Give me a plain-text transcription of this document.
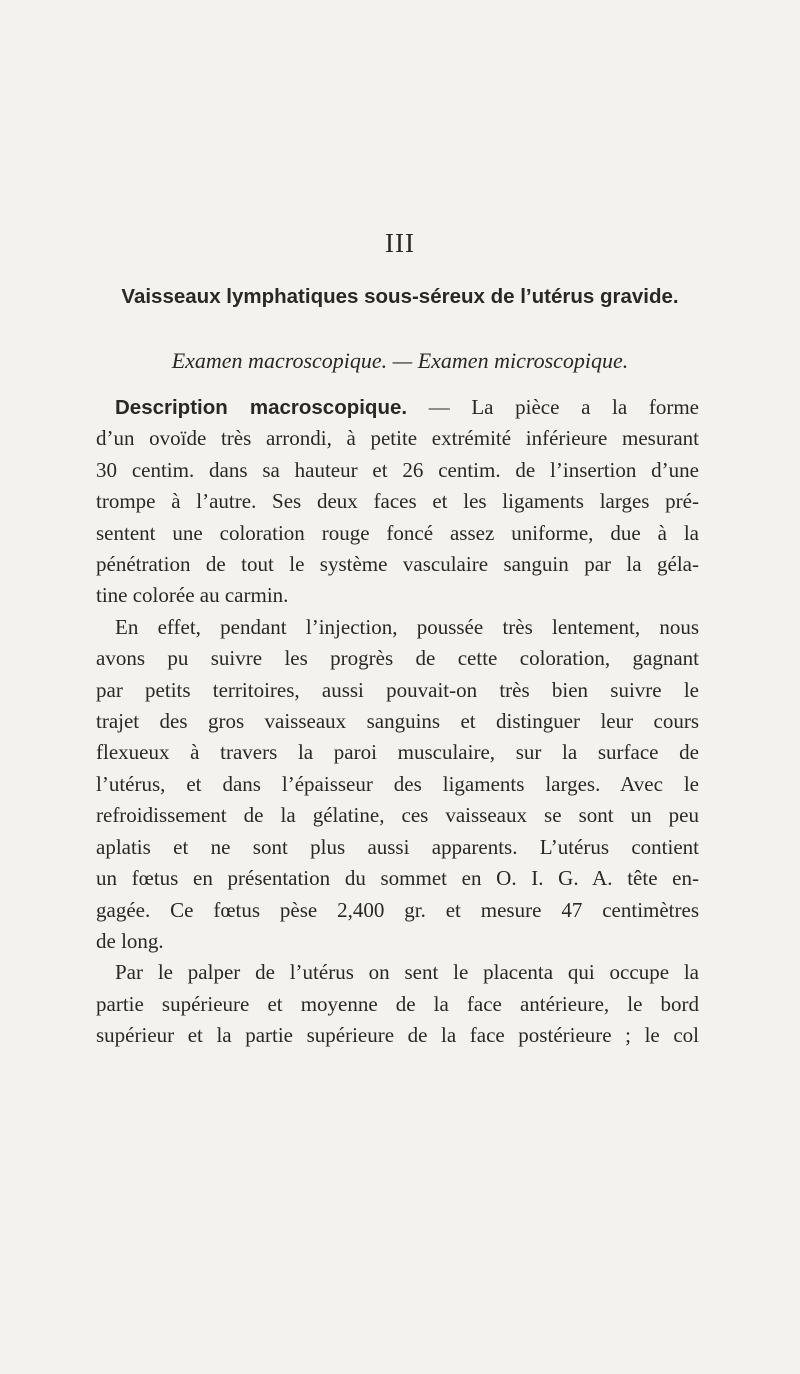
III
Vaisseaux lymphatiques sous-séreux de l’utérus gravide.
Examen macroscopique. — Examen microscopique.
Description macroscopique. — La pièce a la forme
d’un ovoïde très arrondi, à petite extrémité inférieure mesurant
30 centim. dans sa hauteur et 26 centim. de l’insertion d’une
trompe à l’autre. Ses deux faces et les ligaments larges pré-
sentent une coloration rouge foncé assez uniforme, due à la
pénétration de tout le système vasculaire sanguin par la géla-
tine colorée au carmin.
En effet, pendant l’injection, poussée très lentement, nous
avons pu suivre les progrès de cette coloration, gagnant
par petits territoires, aussi pouvait-on très bien suivre le
trajet des gros vaisseaux sanguins et distinguer leur cours
flexueux à travers la paroi musculaire, sur la surface de
l’utérus, et dans l’épaisseur des ligaments larges. Avec le
refroidissement de la gélatine, ces vaisseaux se sont un peu
aplatis et ne sont plus aussi apparents. L’utérus contient
un fœtus en présentation du sommet en O. I. G. A. tête en-
gagée. Ce fœtus pèse 2,400 gr. et mesure 47 centimètres
de long.
Par le palper de l’utérus on sent le placenta qui occupe la
partie supérieure et moyenne de la face antérieure, le bord
supérieur et la partie supérieure de la face postérieure ; le col
